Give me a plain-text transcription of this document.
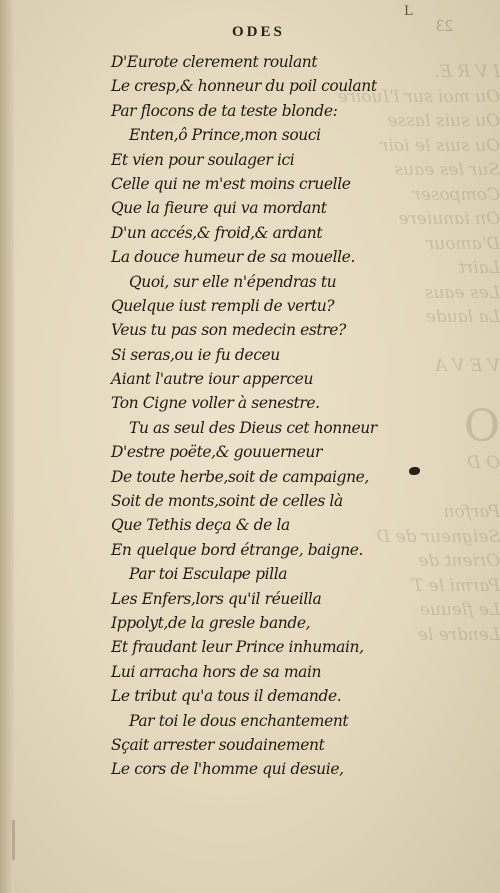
I V R E.
Ou moi sur l'Iuoire
Ou suis lasse
Ou suis le ioir
Sur les eaus
Composer
On ianuiere
D'amour
Lairt
Les eaus
La laude

V E V A

O
O D

Parfon
Seigneur de D
Orient de
Parmi le T
Le fleuue
Lendre le
L
ODES	23
D'Eurote clerement roulant
Le cresp,& honneur du poil coulant
Par flocons de ta teste blonde:
Enten,ô Prince,mon souci
Et vien pour soulager ici
Celle qui ne m'est moins cruelle
Que la fieure qui va mordant
D'un accés,& froid,& ardant
La douce humeur de sa mouelle.
Quoi, sur elle n'épendras tu
Quelque iust rempli de vertu?
Veus tu pas son medecin estre?
Si seras,ou ie fu deceu
Aiant l'autre iour apperceu
Ton Cigne voller à senestre.
Tu as seul des Dieus cet honneur
D'estre poëte,& gouuerneur
De toute herbe,soit de campaigne,
Soit de monts,soint de celles là
Que Tethis deça & de la
En quelque bord étrange, baigne.
Par toi Esculape pilla
Les Enfers,lors qu'il réueilla
Ippolyt,de la gresle bande,
Et fraudant leur Prince inhumain,
Lui arracha hors de sa main
Le tribut qu'a tous il demande.
Par toi le dous enchantement
Sçait arrester soudainement
Le cors de l'homme qui desuie,
